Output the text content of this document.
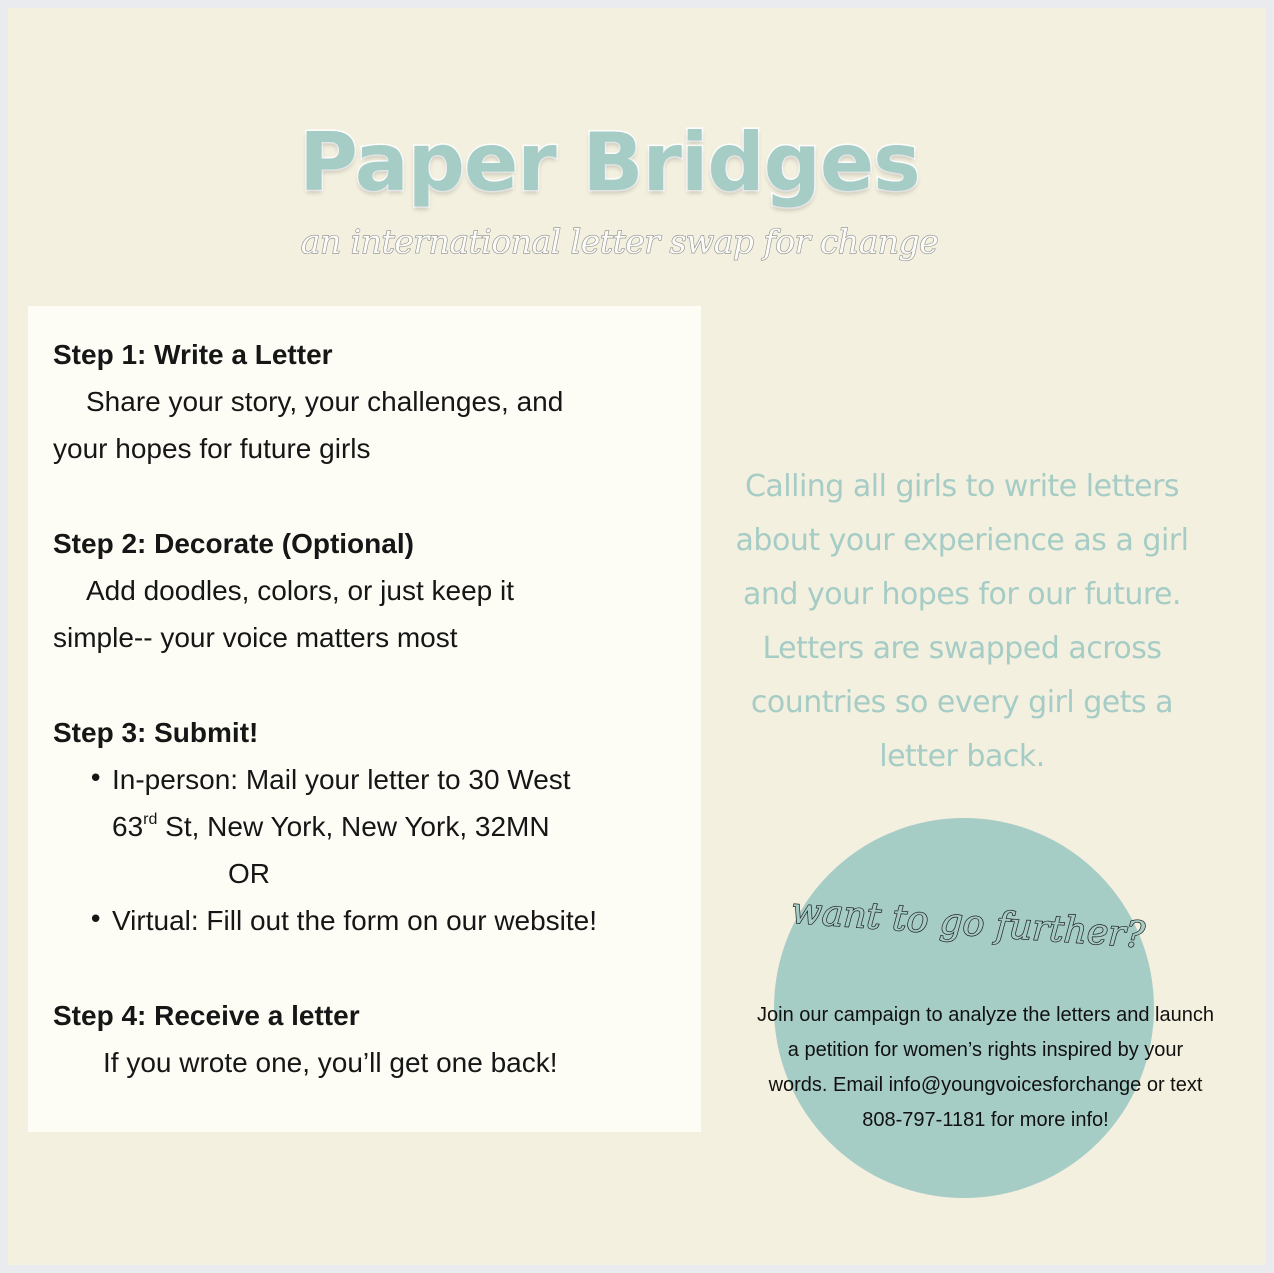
Paper Bridges
an international letter swap for change

Step 1: Write a Letter

Share your story, your challenges, and

your hopes for future girls

Step 2: Decorate (Optional)

Add doodles, colors, or just keep it

simple-- your voice matters most

Step 3: Submit!

• In-person: Mail your letter to 30 West

63rd St, New York, New York, 32MN

OR

• Virtual: Fill out the form on our website!

Step 4: Receive a letter

If you wrote one, you’ll get one back!

Calling all girls to write letters
about your experience as a girl
and your hopes for our future.
Letters are swapped across
countries so every girl gets a
letter back.
want to go further?
Join our campaign to analyze the letters and launch
a petition for women’s rights inspired by your
words. Email info@youngvoicesforchange or text
808-797-1181 for more info!
